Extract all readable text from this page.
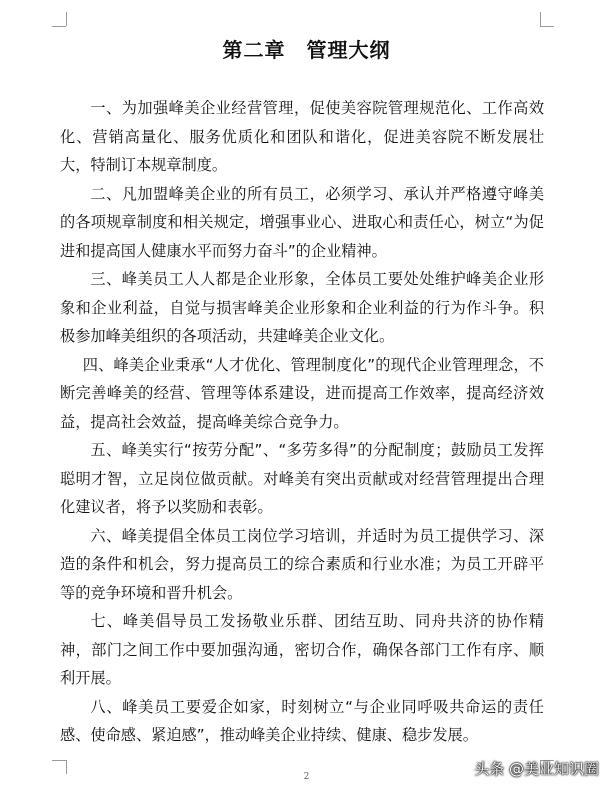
第二章　管理大纲

一、为加强峰美企业经营管理，促使美容院管理规范化、工作高效化、营销高量化、服务优质化和团队和谐化，促进美容院不断发展壮大，特制订本规章制度。

二、凡加盟峰美企业的所有员工，必须学习、承认并严格遵守峰美的各项规章制度和相关规定，增强事业心、进取心和责任心，树立“为促进和提高国人健康水平而努力奋斗”的企业精神。

三、峰美员工人人都是企业形象，全体员工要处处维护峰美企业形象和企业利益，自觉与损害峰美企业形象和企业利益的行为作斗争。积极参加峰美组织的各项活动，共建峰美企业文化。

四、峰美企业秉承“人才优化、管理制度化”的现代企业管理理念，不断完善峰美的经营、管理等体系建设，进而提高工作效率，提高经济效益，提高社会效益，提高峰美综合竞争力。

五、峰美实行“按劳分配”、“多劳多得”的分配制度；鼓励员工发挥聪明才智，立足岗位做贡献。对峰美有突出贡献或对经营管理提出合理化建议者，将予以奖励和表彰。

六、峰美提倡全体员工岗位学习培训，并适时为员工提供学习、深造的条件和机会，努力提高员工的综合素质和行业水准；为员工开辟平等的竞争环境和晋升机会。

七、峰美倡导员工发扬敬业乐群、团结互助、同舟共济的协作精神，部门之间工作中要加强沟通，密切合作，确保各部门工作有序、顺利开展。

八、峰美员工要爱企如家，时刻树立“与企业同呼吸共命运的责任感、使命感、紧迫感”，推动峰美企业持续、健康、稳步发展。

2	头条 @美业知识圈
